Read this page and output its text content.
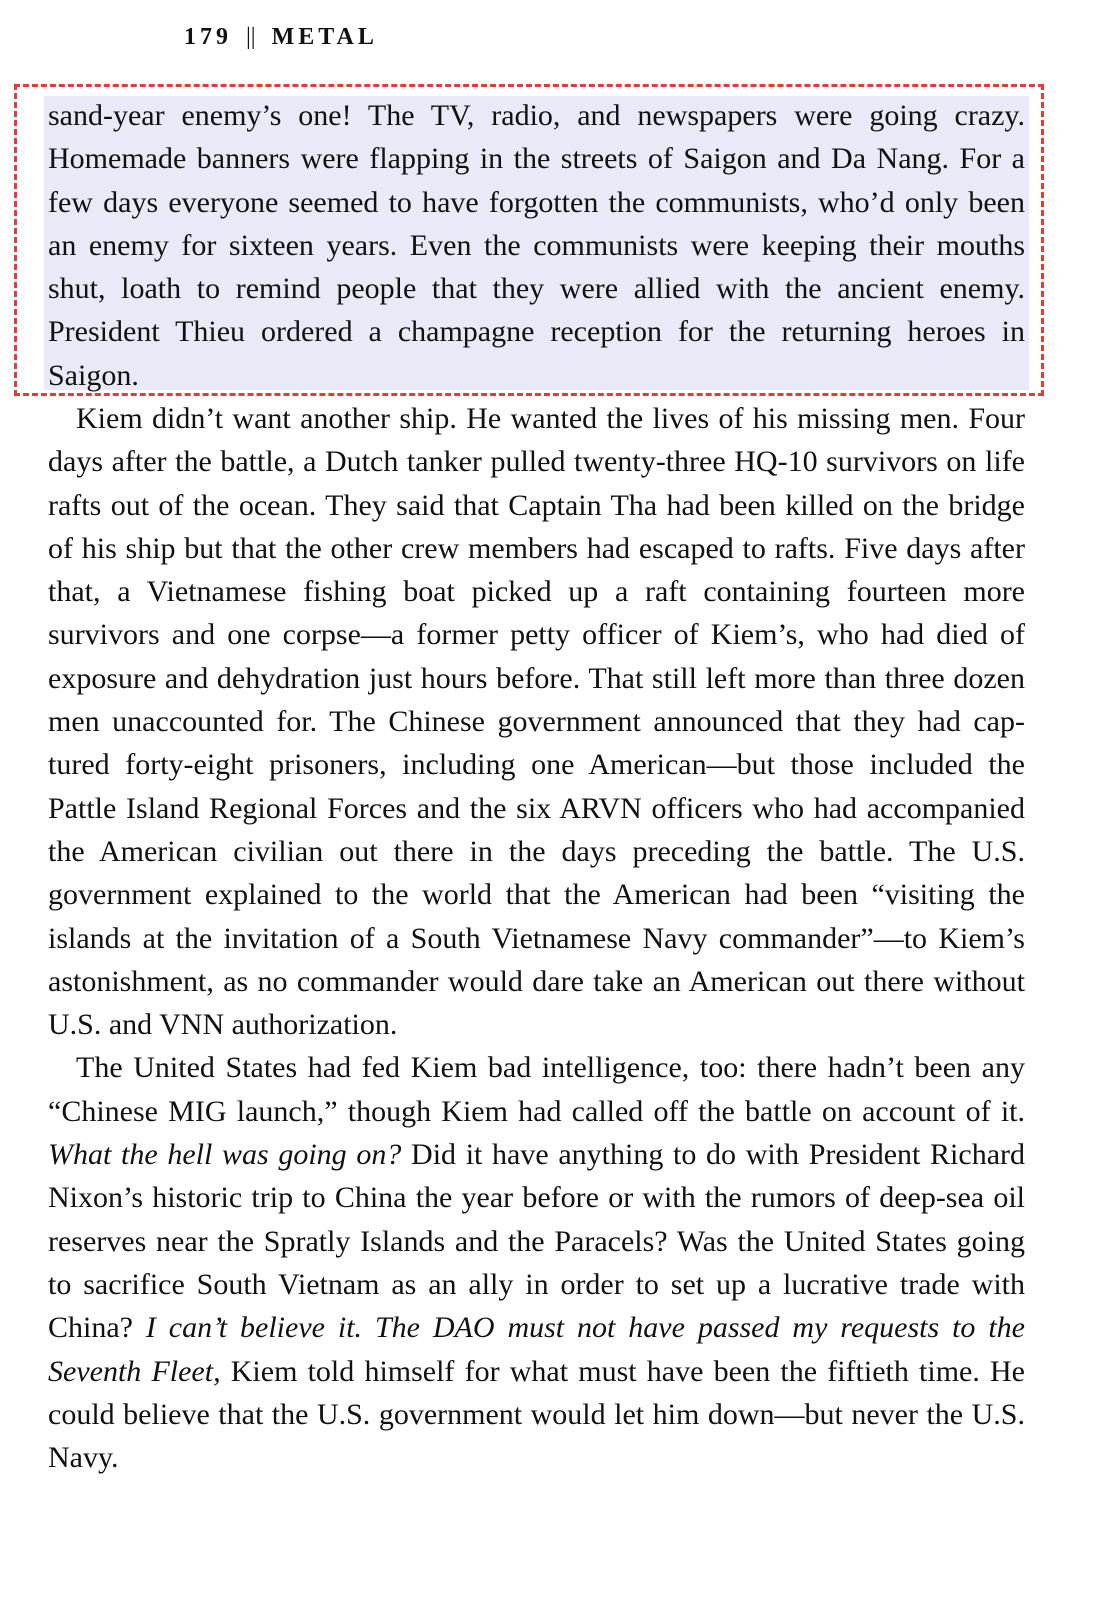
179 || METAL

sand-year enemy’s one! The TV, radio, and newspapers were going crazy. Homemade banners were flapping in the streets of Saigon and Da Nang. For a few days everyone seemed to have forgotten the communists, who’d only been an enemy for sixteen years. Even the communists were keeping their mouths shut, loath to remind people that they were allied with the ancient enemy. President Thieu ordered a champagne reception for the returning heroes in Saigon.

Kiem didn’t want another ship. He wanted the lives of his missing men. Four days after the battle, a Dutch tanker pulled twenty-three HQ-10 survivors on life rafts out of the ocean. They said that Captain Tha had been killed on the bridge of his ship but that the other crew members had escaped to rafts. Five days after that, a Vietnamese fishing boat picked up a raft containing fourteen more survivors and one corpse—a former petty officer of Kiem’s, who had died of exposure and dehydration just hours before. That still left more than three dozen men unaccounted for. The Chinese government announced that they had captured forty-eight prisoners, including one American—but those included the Pattle Island Regional Forces and the six ARVN officers who had accompanied the American civilian out there in the days preceding the battle. The U.S. government explained to the world that the American had been “visiting the islands at the invitation of a South Vietnamese Navy commander”—to Kiem’s astonishment, as no commander would dare take an American out there without U.S. and VNN authorization.

The United States had fed Kiem bad intelligence, too: there hadn’t been any “Chinese MIG launch,” though Kiem had called off the battle on account of it. What the hell was going on? Did it have anything to do with President Richard Nixon’s historic trip to China the year before or with the rumors of deep-sea oil reserves near the Spratly Islands and the Paracels? Was the United States going to sacrifice South Vietnam as an ally in order to set up a lucrative trade with China? I can’t believe it. The DAO must not have passed my requests to the Seventh Fleet, Kiem told himself for what must have been the fiftieth time. He could believe that the U.S. government would let him down—but never the U.S. Navy.
